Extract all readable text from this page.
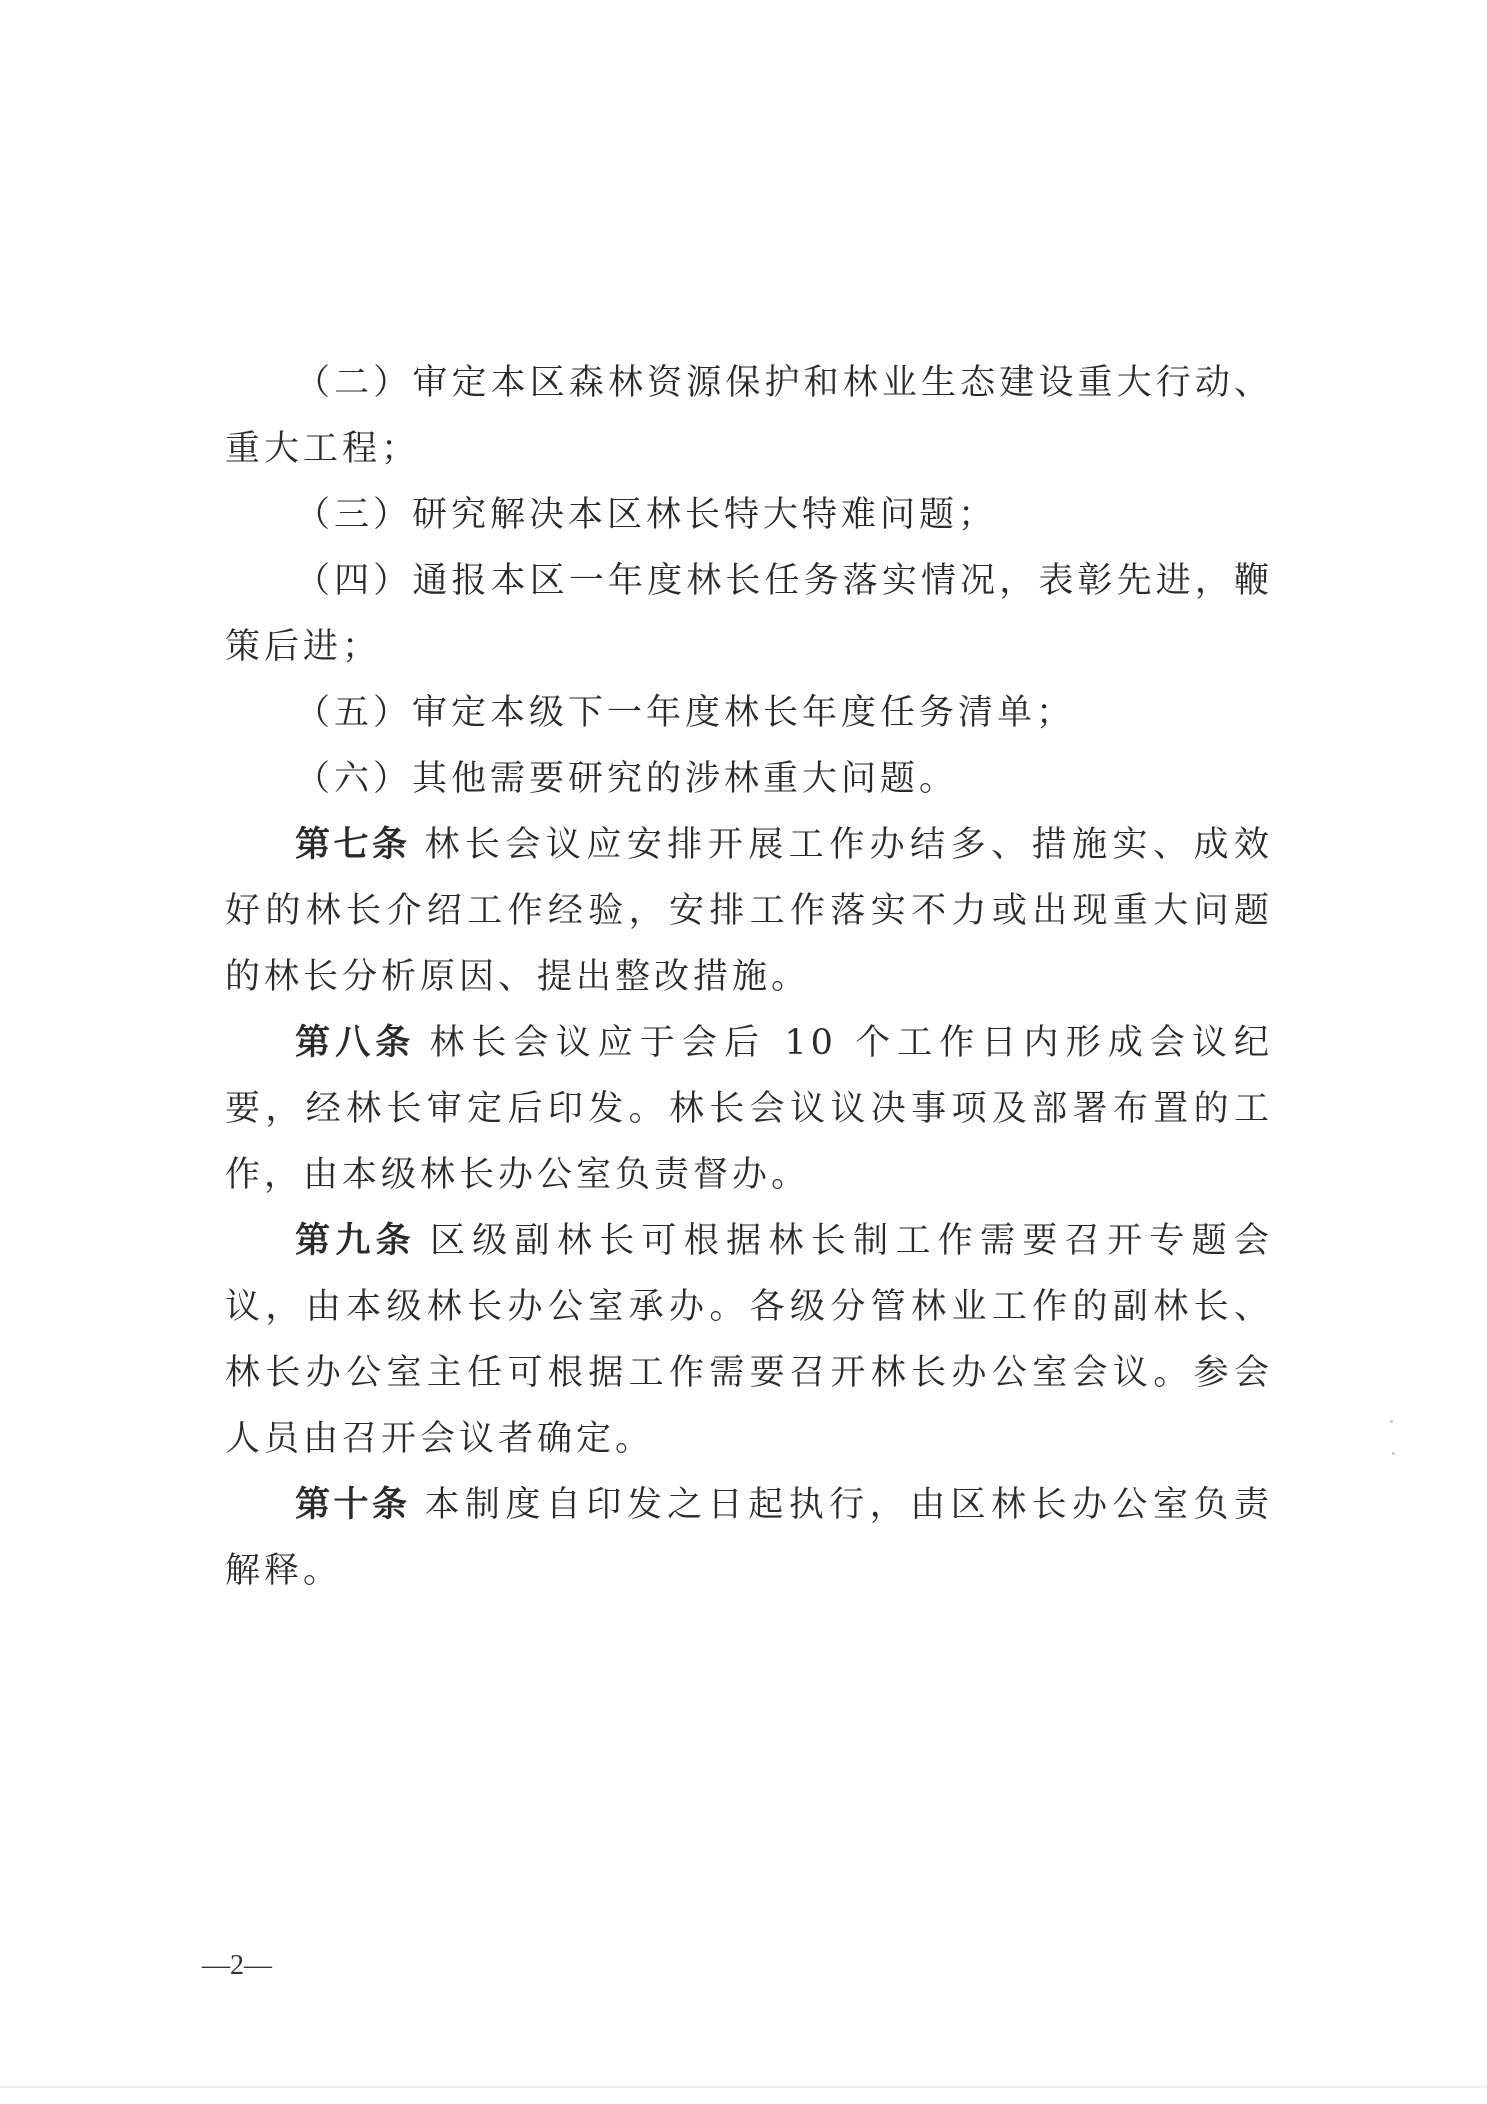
（二）审定本区森林资源保护和林业生态建设重大行动、重大工程；

（三）研究解决本区林长特大特难问题；

（四）通报本区一年度林长任务落实情况，表彰先进，鞭策后进；

（五）审定本级下一年度林长年度任务清单；

（六）其他需要研究的涉林重大问题。

第七条 林长会议应安排开展工作办结多、措施实、成效好的林长介绍工作经验，安排工作落实不力或出现重大问题的林长分析原因、提出整改措施。

第八条 林长会议应于会后 10 个工作日内形成会议纪要，经林长审定后印发。林长会议议决事项及部署布置的工作，由本级林长办公室负责督办。

第九条 区级副林长可根据林长制工作需要召开专题会议，由本级林长办公室承办。各级分管林业工作的副林长、林长办公室主任可根据工作需要召开林长办公室会议。参会人员由召开会议者确定。

第十条 本制度自印发之日起执行，由区林长办公室负责解释。

—2—
